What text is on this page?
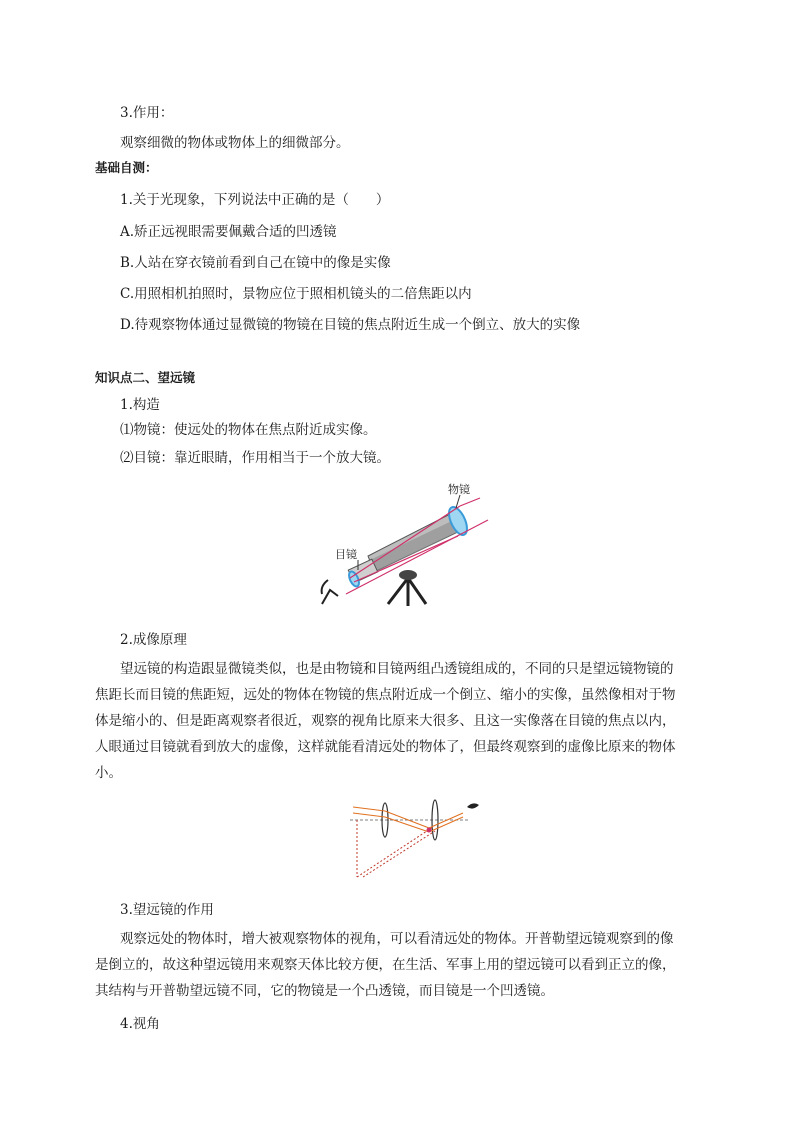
3.作用：
观察细微的物体或物体上的细微部分。
基础自测：
1.关于光现象，下列说法中正确的是（　　）
A.矫正远视眼需要佩戴合适的凹透镜
B.人站在穿衣镜前看到自己在镜中的像是实像
C.用照相机拍照时，景物应位于照相机镜头的二倍焦距以内
D.待观察物体通过显微镜的物镜在目镜的焦点附近生成一个倒立、放大的实像
知识点二、望远镜
1.构造
⑴物镜：使远处的物体在焦点附近成实像。
⑵目镜：靠近眼睛，作用相当于一个放大镜。
物镜
目镜
2.成像原理
望远镜的构造跟显微镜类似，也是由物镜和目镜两组凸透镜组成的，不同的只是望远镜物镜的
焦距长而目镜的焦距短，远处的物体在物镜的焦点附近成一个倒立、缩小的实像，虽然像相对于物
体是缩小的、但是距离观察者很近，观察的视角比原来大很多、且这一实像落在目镜的焦点以内，
人眼通过目镜就看到放大的虚像，这样就能看清远处的物体了，但最终观察到的虚像比原来的物体
小。
3.望远镜的作用
观察远处的物体时，增大被观察物体的视角，可以看清远处的物体。开普勒望远镜观察到的像
是倒立的，故这种望远镜用来观察天体比较方便，在生活、军事上用的望远镜可以看到正立的像，
其结构与开普勒望远镜不同，它的物镜是一个凸透镜，而目镜是一个凹透镜。
4.视角
